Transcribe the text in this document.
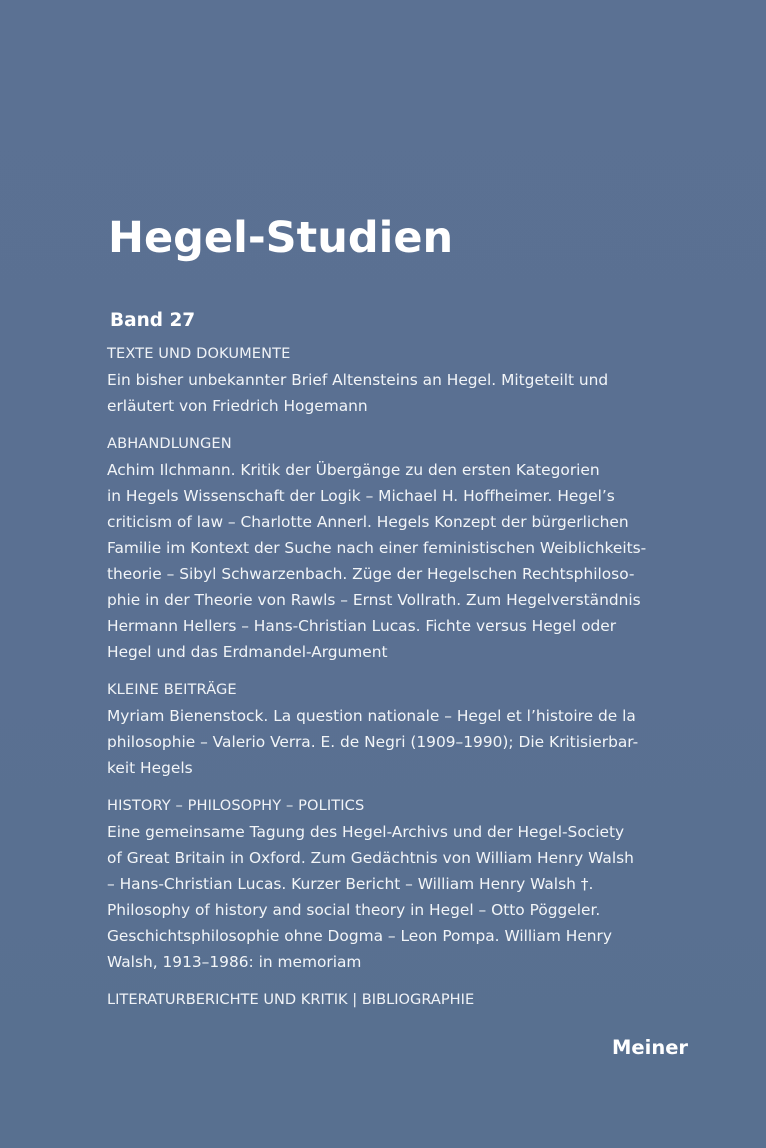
Hegel-Studien
Band 27
TEXTE UND DOKUMENTE
Ein bisher unbekannter Brief Altensteins an Hegel. Mitgeteilt und
erläutert von Friedrich Hogemann
ABHANDLUNGEN
Achim Ilchmann. Kritik der Übergänge zu den ersten Kategorien
in Hegels Wissenschaft der Logik – Michael H. Hoffheimer. Hegel’s
criticism of law – Charlotte Annerl. Hegels Konzept der bürgerlichen
Familie im Kontext der Suche nach einer feministischen Weiblichkeits-
theorie – Sibyl Schwarzenbach. Züge der Hegelschen Rechtsphiloso-
phie in der Theorie von Rawls – Ernst Vollrath. Zum Hegelverständnis
Hermann Hellers – Hans-Christian Lucas. Fichte versus Hegel oder
Hegel und das Erdmandel-Argument
KLEINE BEITRÄGE
Myriam Bienenstock. La question nationale – Hegel et l’histoire de la
philosophie – Valerio Verra. E. de Negri (1909–1990); Die Kritisierbar-
keit Hegels
HISTORY – PHILOSOPHY – POLITICS
Eine gemeinsame Tagung des Hegel-Archivs und der Hegel-Society
of Great Britain in Oxford. Zum Gedächtnis von William Henry Walsh
– Hans-Christian Lucas. Kurzer Bericht – William Henry Walsh †.
Philosophy of history and social theory in Hegel – Otto Pöggeler.
Geschichtsphilosophie ohne Dogma – Leon Pompa. William Henry
Walsh, 1913–1986: in memoriam
LITERATURBERICHTE UND KRITIK | BIBLIOGRAPHIE
Meiner
